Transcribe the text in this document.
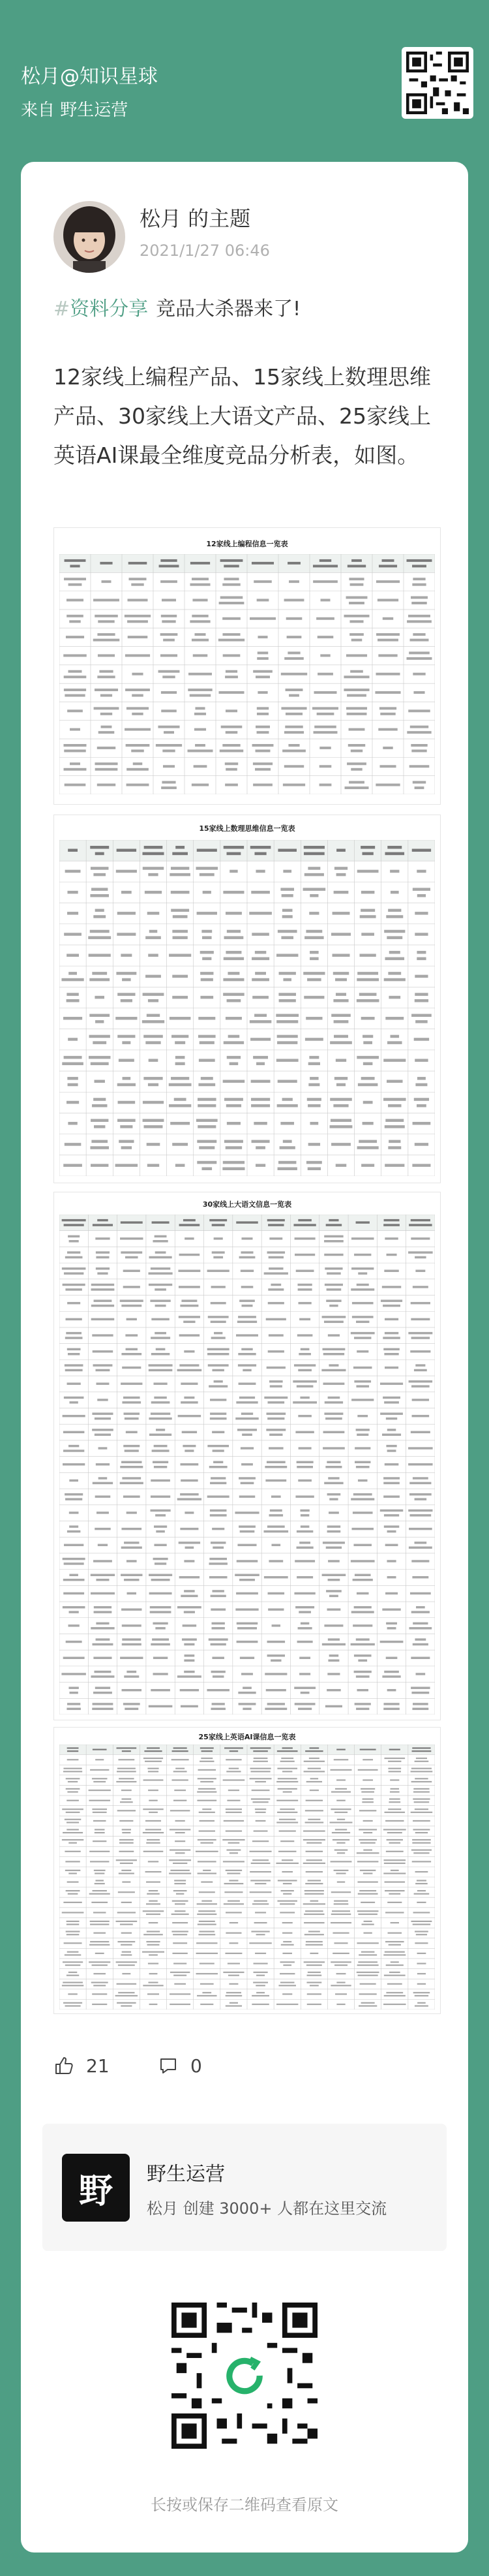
松月@知识星球
来自 野生运营
松月 的主题
2021/1/27 06:46
#资料分享 竞品大杀器来了!
12家线上编程产品、15家线上数理思维产品、30家线上大语文产品、25家线上英语AI课最全维度竞品分析表，如图。
12家线上编程信息一览表
15家线上数理思维信息一览表
30家线上大语文信息一览表
25家线上英语AI课信息一览表
21	0
野	野生运营
松月 创建 3000+ 人都在这里交流
长按或保存二维码查看原文
